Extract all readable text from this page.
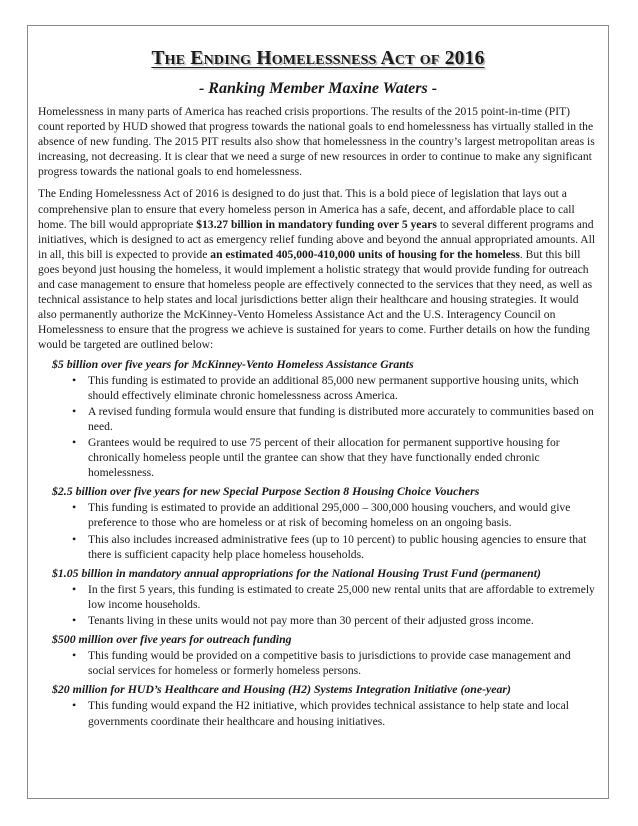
The Ending Homelessness Act of 2016
- Ranking Member Maxine Waters -

Homelessness in many parts of America has reached crisis proportions. The results of the 2015 point-in-time (PIT) count reported by HUD showed that progress towards the national goals to end homelessness has virtually stalled in the absence of new funding. The 2015 PIT results also show that homelessness in the country’s largest metropolitan areas is increasing, not decreasing. It is clear that we need a surge of new resources in order to continue to make any significant progress towards the national goals to end homelessness.

The Ending Homelessness Act of 2016 is designed to do just that. This is a bold piece of legislation that lays out a comprehensive plan to ensure that every homeless person in America has a safe, decent, and affordable place to call home. The bill would appropriate $13.27 billion in mandatory funding over 5 years to several different programs and initiatives, which is designed to act as emergency relief funding above and beyond the annual appropriated amounts. All in all, this bill is expected to provide an estimated 405,000-410,000 units of housing for the homeless. But this bill goes beyond just housing the homeless, it would implement a holistic strategy that would provide funding for outreach and case management to ensure that homeless people are effectively connected to the services that they need, as well as technical assistance to help states and local jurisdictions better align their healthcare and housing strategies. It would also permanently authorize the McKinney-Vento Homeless Assistance Act and the U.S. Interagency Council on Homelessness to ensure that the progress we achieve is sustained for years to come. Further details on how the funding would be targeted are outlined below:

$5 billion over five years for McKinney-Vento Homeless Assistance Grants
• This funding is estimated to provide an additional 85,000 new permanent supportive housing units, which should effectively eliminate chronic homelessness across America.
• A revised funding formula would ensure that funding is distributed more accurately to communities based on need.
• Grantees would be required to use 75 percent of their allocation for permanent supportive housing for chronically homeless people until the grantee can show that they have functionally ended chronic homelessness.
$2.5 billion over five years for new Special Purpose Section 8 Housing Choice Vouchers
• This funding is estimated to provide an additional 295,000 – 300,000 housing vouchers, and would give preference to those who are homeless or at risk of becoming homeless on an ongoing basis.
• This also includes increased administrative fees (up to 10 percent) to public housing agencies to ensure that there is sufficient capacity help place homeless households.
$1.05 billion in mandatory annual appropriations for the National Housing Trust Fund (permanent)
• In the first 5 years, this funding is estimated to create 25,000 new rental units that are affordable to extremely low income households.
• Tenants living in these units would not pay more than 30 percent of their adjusted gross income.
$500 million over five years for outreach funding
• This funding would be provided on a competitive basis to jurisdictions to provide case management and social services for homeless or formerly homeless persons.
$20 million for HUD’s Healthcare and Housing (H2) Systems Integration Initiative (one-year)
• This funding would expand the H2 initiative, which provides technical assistance to help state and local governments coordinate their healthcare and housing initiatives.
